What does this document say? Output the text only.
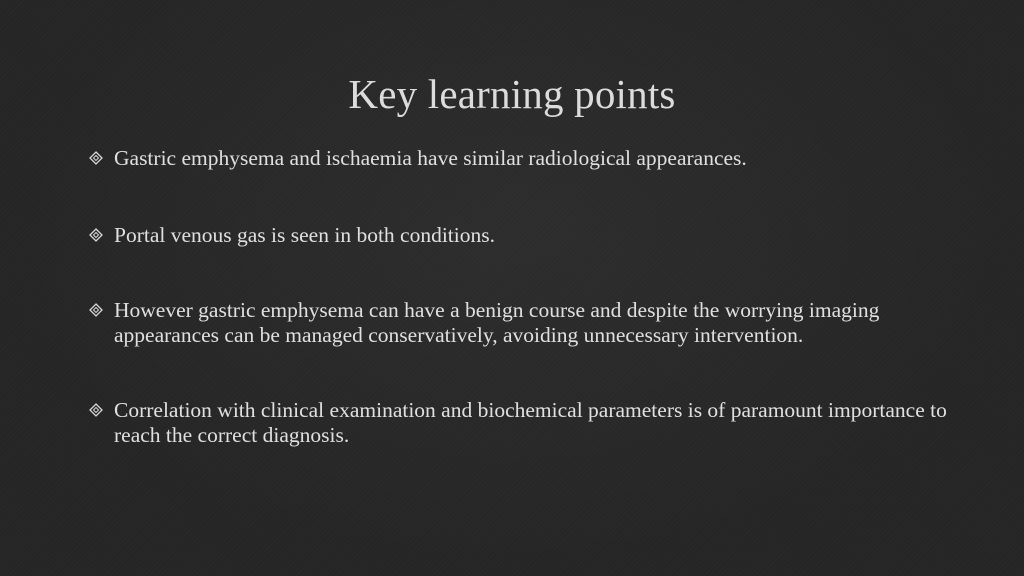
Key learning points
Gastric emphysema and ischaemia have similar radiological appearances.
Portal venous gas is seen in both conditions.
However gastric emphysema can have a benign course and despite the worrying imaging appearances can be managed conservatively, avoiding unnecessary intervention.
Correlation with clinical examination and biochemical parameters is of paramount importance to reach the correct diagnosis.
